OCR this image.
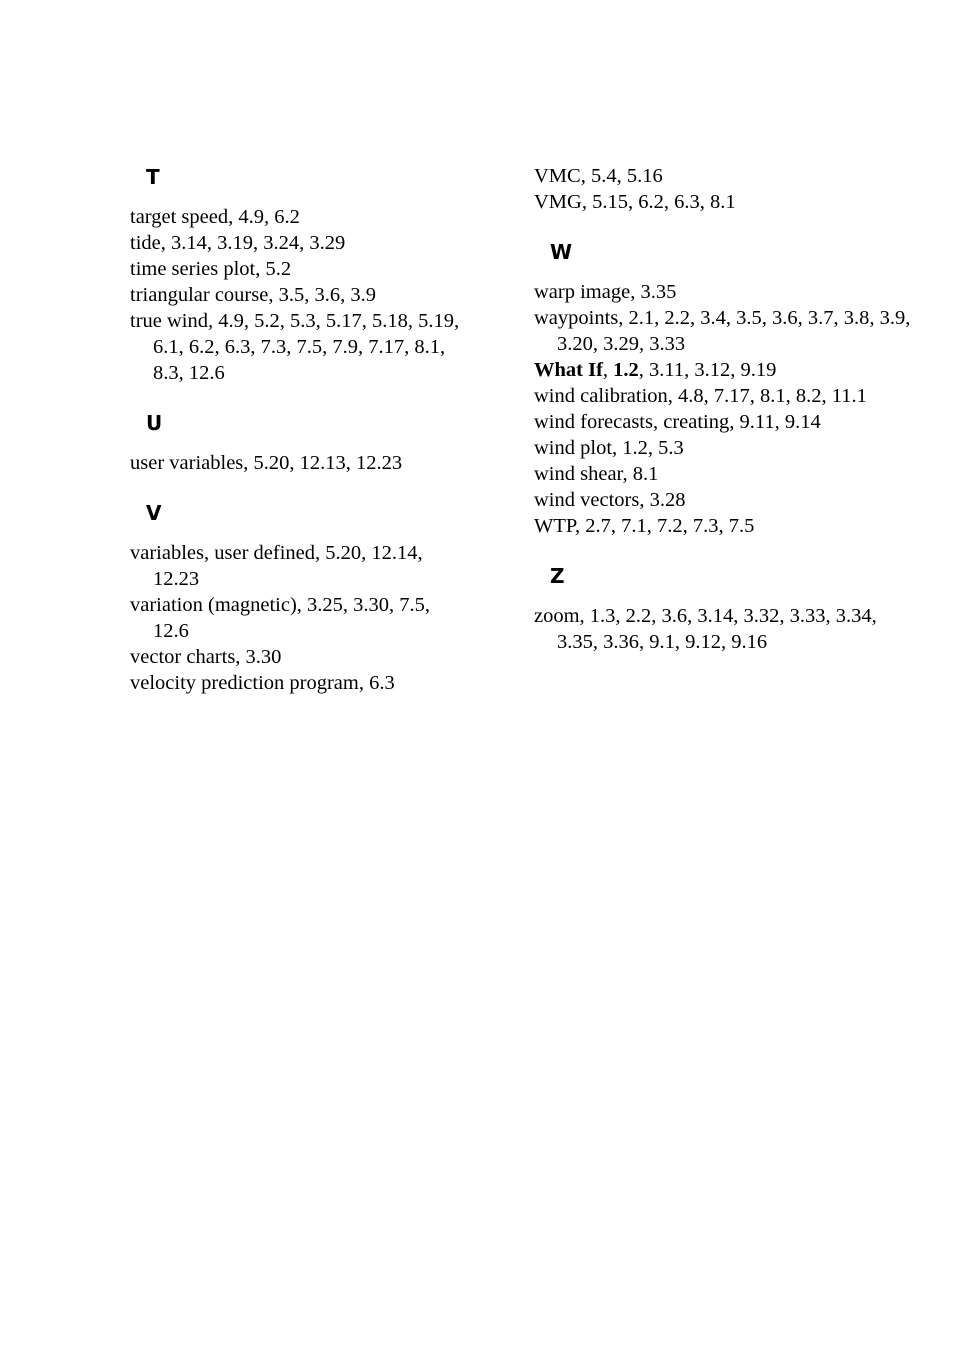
T
target speed, 4.9, 6.2
tide, 3.14, 3.19, 3.24, 3.29
time series plot, 5.2
triangular course, 3.5, 3.6, 3.9
true wind, 4.9, 5.2, 5.3, 5.17, 5.18, 5.19, 6.1, 6.2, 6.3, 7.3, 7.5, 7.9, 7.17, 8.1, 8.3, 12.6
U
user variables, 5.20, 12.13, 12.23
V
variables, user defined, 5.20, 12.14, 12.23
variation (magnetic), 3.25, 3.30, 7.5, 12.6
vector charts, 3.30
velocity prediction program, 6.3
VMC, 5.4, 5.16
VMG, 5.15, 6.2, 6.3, 8.1
W
warp image, 3.35
waypoints, 2.1, 2.2, 3.4, 3.5, 3.6, 3.7, 3.8, 3.9, 3.20, 3.29, 3.33
What If, 1.2, 3.11, 3.12, 9.19
wind calibration, 4.8, 7.17, 8.1, 8.2, 11.1
wind forecasts, creating, 9.11, 9.14
wind plot, 1.2, 5.3
wind shear, 8.1
wind vectors, 3.28
WTP, 2.7, 7.1, 7.2, 7.3, 7.5
Z
zoom, 1.3, 2.2, 3.6, 3.14, 3.32, 3.33, 3.34, 3.35, 3.36, 9.1, 9.12, 9.16
